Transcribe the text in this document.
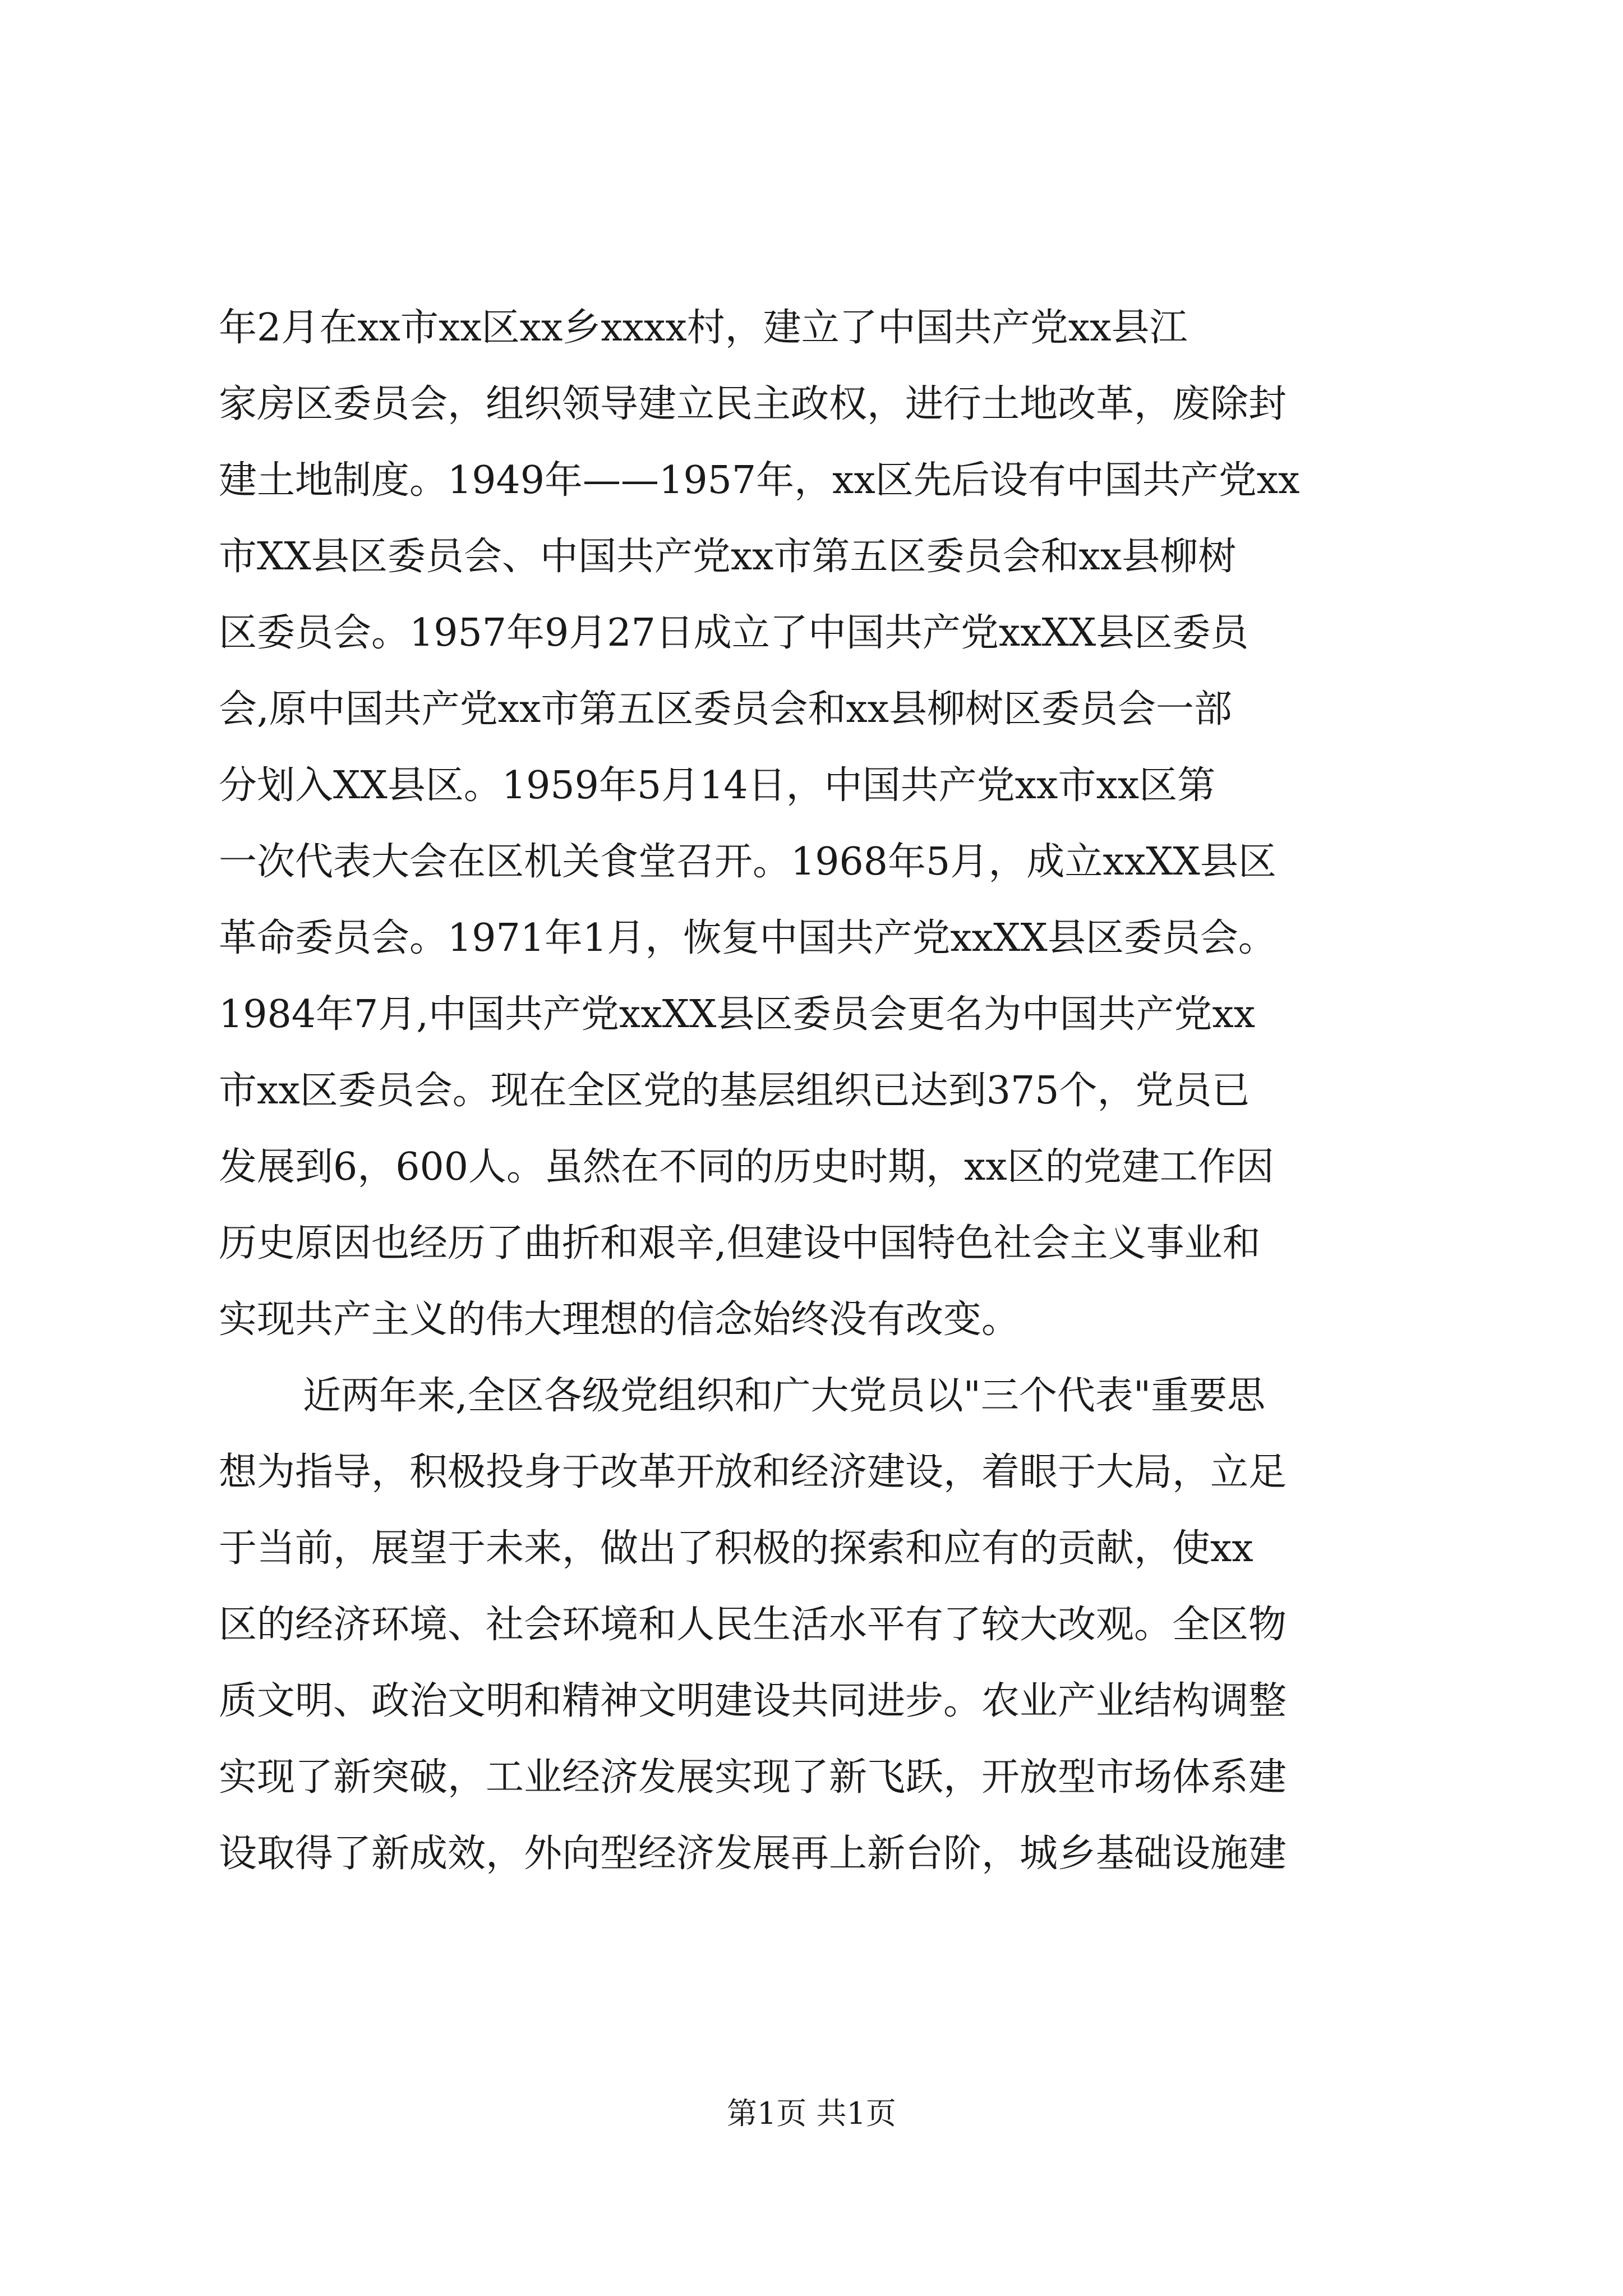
年2月在xx市xx区xx乡xxxx村，建立了中国共产党xx县江
家房区委员会，组织领导建立民主政权，进行土地改革，废除封
建土地制度。1949年——1957年，xx区先后设有中国共产党xx
市XX县区委员会、中国共产党xx市第五区委员会和xx县柳树
区委员会。1957年9月27日成立了中国共产党xxXX县区委员
会,原中国共产党xx市第五区委员会和xx县柳树区委员会一部
分划入XX县区。1959年5月14日，中国共产党xx市xx区第
一次代表大会在区机关食堂召开。1968年5月，成立xxXX县区
革命委员会。1971年1月，恢复中国共产党xxXX县区委员会。
1984年7月,中国共产党xxXX县区委员会更名为中国共产党xx
市xx区委员会。现在全区党的基层组织已达到375个，党员已
发展到6，600人。虽然在不同的历史时期，xx区的党建工作因
历史原因也经历了曲折和艰辛,但建设中国特色社会主义事业和
实现共产主义的伟大理想的信念始终没有改变。
近两年来,全区各级党组织和广大党员以"三个代表"重要思
想为指导，积极投身于改革开放和经济建设，着眼于大局，立足
于当前，展望于未来，做出了积极的探索和应有的贡献，使xx
区的经济环境、社会环境和人民生活水平有了较大改观。全区物
质文明、政治文明和精神文明建设共同进步。农业产业结构调整
实现了新突破，工业经济发展实现了新飞跃，开放型市场体系建
设取得了新成效，外向型经济发展再上新台阶，城乡基础设施建
第1页 共1页
